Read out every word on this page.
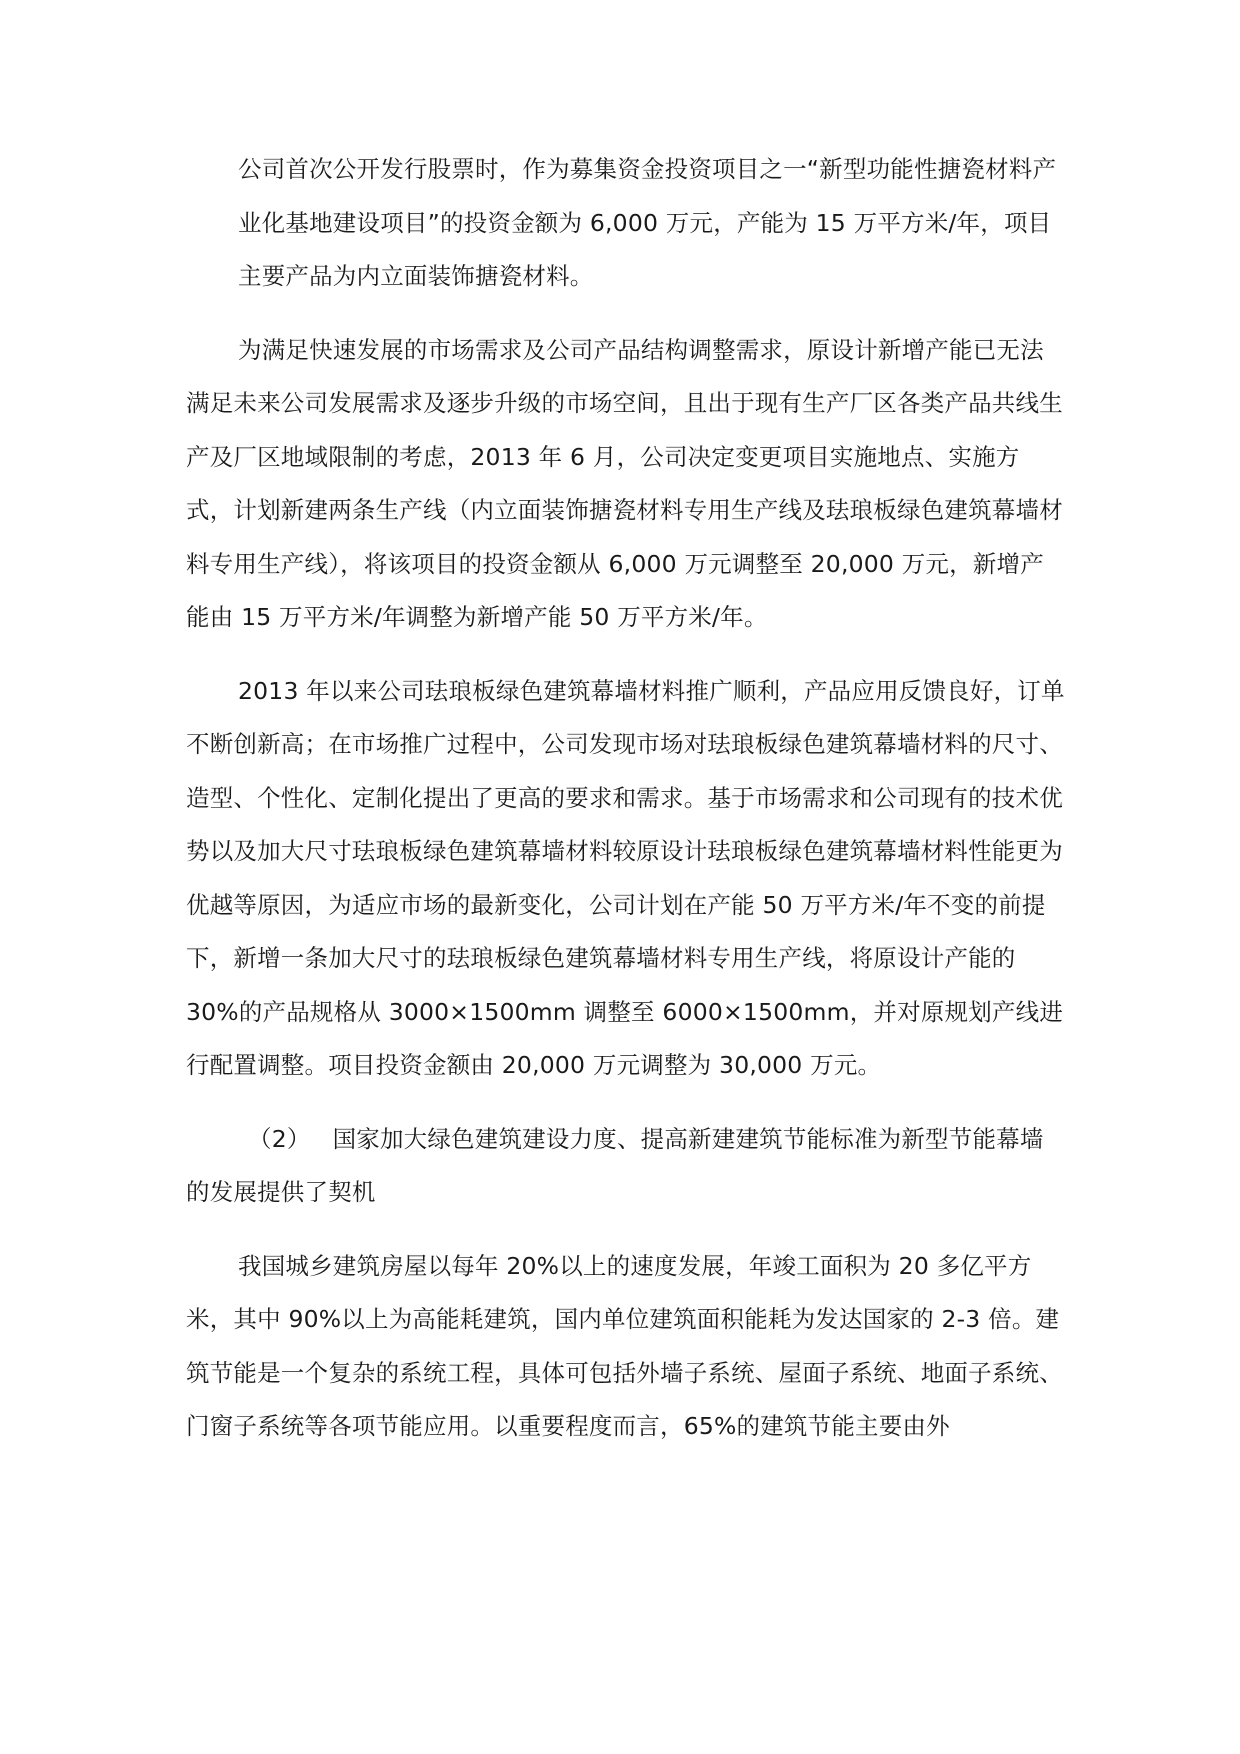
公司首次公开发行股票时，作为募集资金投资项目之一“新型功能性搪瓷材料产业化基地建设项目”的投资金额为 6,000 万元，产能为 15 万平方米/年，项目主要产品为内立面装饰搪瓷材料。

为满足快速发展的市场需求及公司产品结构调整需求，原设计新增产能已无法满足未来公司发展需求及逐步升级的市场空间，且出于现有生产厂区各类产品共线生产及厂区地域限制的考虑，2013 年 6 月，公司决定变更项目实施地点、实施方式，计划新建两条生产线（内立面装饰搪瓷材料专用生产线及珐琅板绿色建筑幕墙材料专用生产线），将该项目的投资金额从 6,000 万元调整至 20,000 万元，新增产能由 15 万平方米/年调整为新增产能 50 万平方米/年。

2013 年以来公司珐琅板绿色建筑幕墙材料推广顺利，产品应用反馈良好，订单不断创新高；在市场推广过程中，公司发现市场对珐琅板绿色建筑幕墙材料的尺寸、造型、个性化、定制化提出了更高的要求和需求。基于市场需求和公司现有的技术优势以及加大尺寸珐琅板绿色建筑幕墙材料较原设计珐琅板绿色建筑幕墙材料性能更为优越等原因，为适应市场的最新变化，公司计划在产能 50 万平方米/年不变的前提下，新增一条加大尺寸的珐琅板绿色建筑幕墙材料专用生产线，将原设计产能的 30%的产品规格从 3000×1500mm 调整至 6000×1500mm，并对原规划产线进行配置调整。项目投资金额由 20,000 万元调整为 30,000 万元。

（2） 国家加大绿色建筑建设力度、提高新建建筑节能标准为新型节能幕墙的发展提供了契机

我国城乡建筑房屋以每年 20%以上的速度发展，年竣工面积为 20 多亿平方米，其中 90%以上为高能耗建筑，国内单位建筑面积能耗为发达国家的 2-3 倍。建筑节能是一个复杂的系统工程，具体可包括外墙子系统、屋面子系统、地面子系统、门窗子系统等各项节能应用。以重要程度而言，65%的建筑节能主要由外
